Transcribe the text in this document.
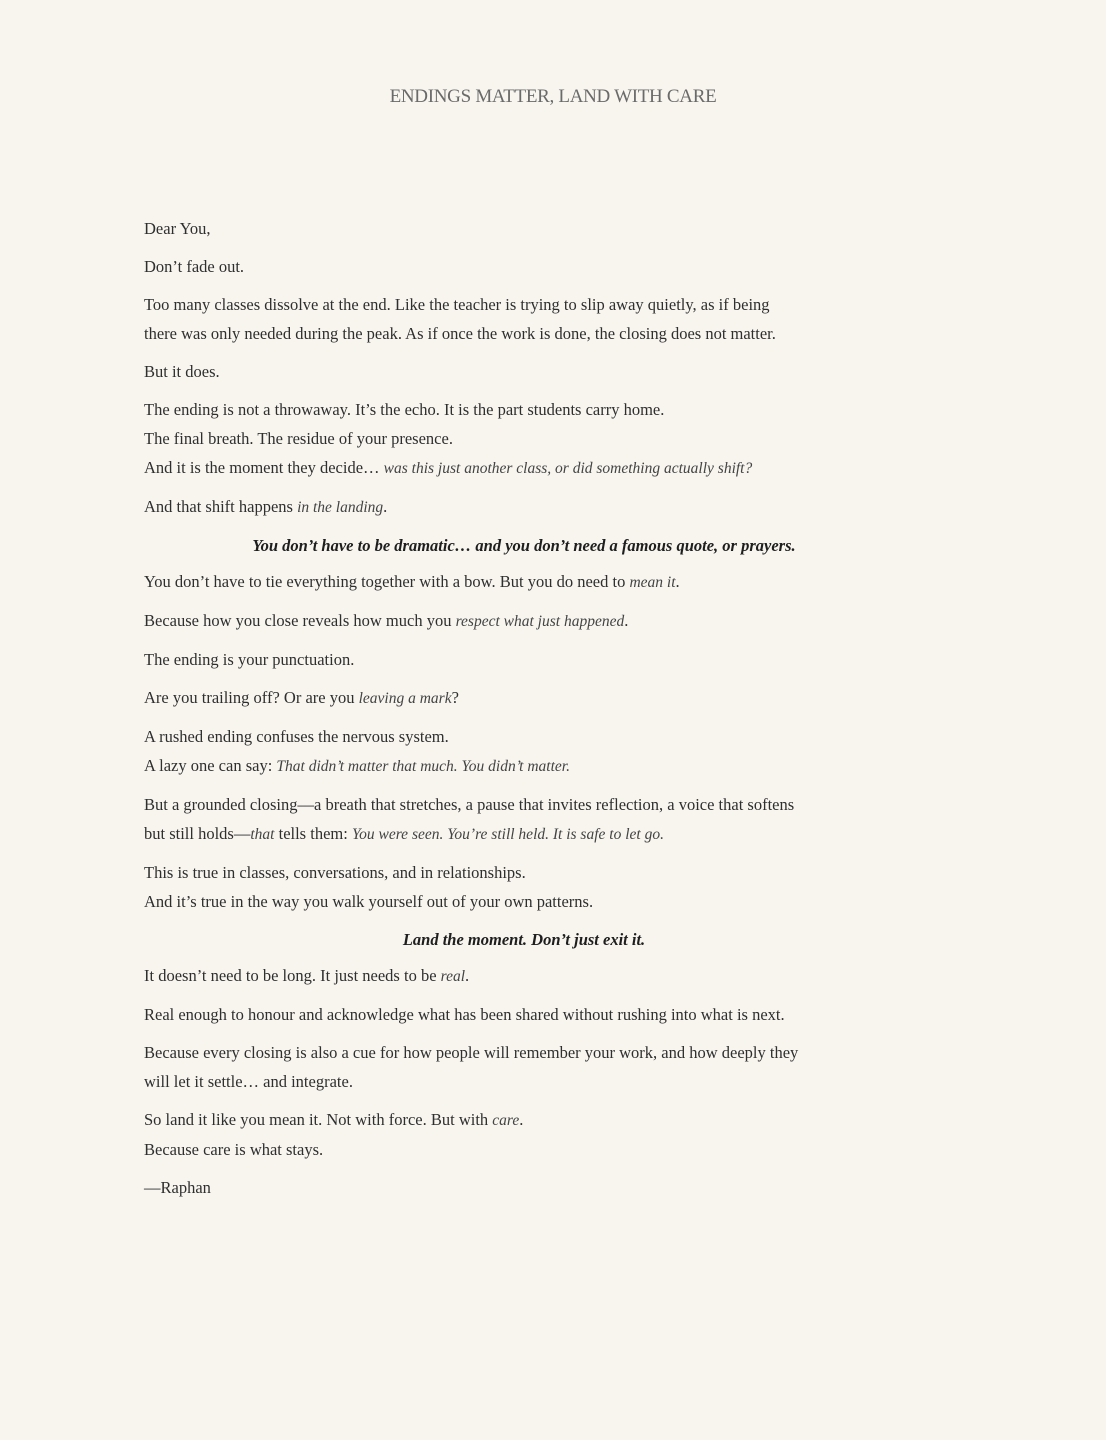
ENDINGS MATTER, LAND WITH CARE

Dear You,

Don’t fade out.

Too many classes dissolve at the end. Like the teacher is trying to slip away quietly, as if being
there was only needed during the peak. As if once the work is done, the closing does not matter.

But it does.

The ending is not a throwaway. It’s the echo. It is the part students carry home.
The final breath. The residue of your presence.
And it is the moment they decide… was this just another class, or did something actually shift?

And that shift happens in the landing.

You don’t have to be dramatic… and you don’t need a famous quote, or prayers.

You don’t have to tie everything together with a bow. But you do need to mean it.

Because how you close reveals how much you respect what just happened.

The ending is your punctuation.

Are you trailing off? Or are you leaving a mark?

A rushed ending confuses the nervous system.
A lazy one can say: That didn’t matter that much. You didn’t matter.

But a grounded closing—a breath that stretches, a pause that invites reflection, a voice that softens
but still holds—that tells them: You were seen. You’re still held. It is safe to let go.

This is true in classes, conversations, and in relationships.
And it’s true in the way you walk yourself out of your own patterns.

Land the moment. Don’t just exit it.

It doesn’t need to be long. It just needs to be real.

Real enough to honour and acknowledge what has been shared without rushing into what is next.

Because every closing is also a cue for how people will remember your work, and how deeply they
will let it settle… and integrate.

So land it like you mean it. Not with force. But with care.
Because care is what stays.

—Raphan
